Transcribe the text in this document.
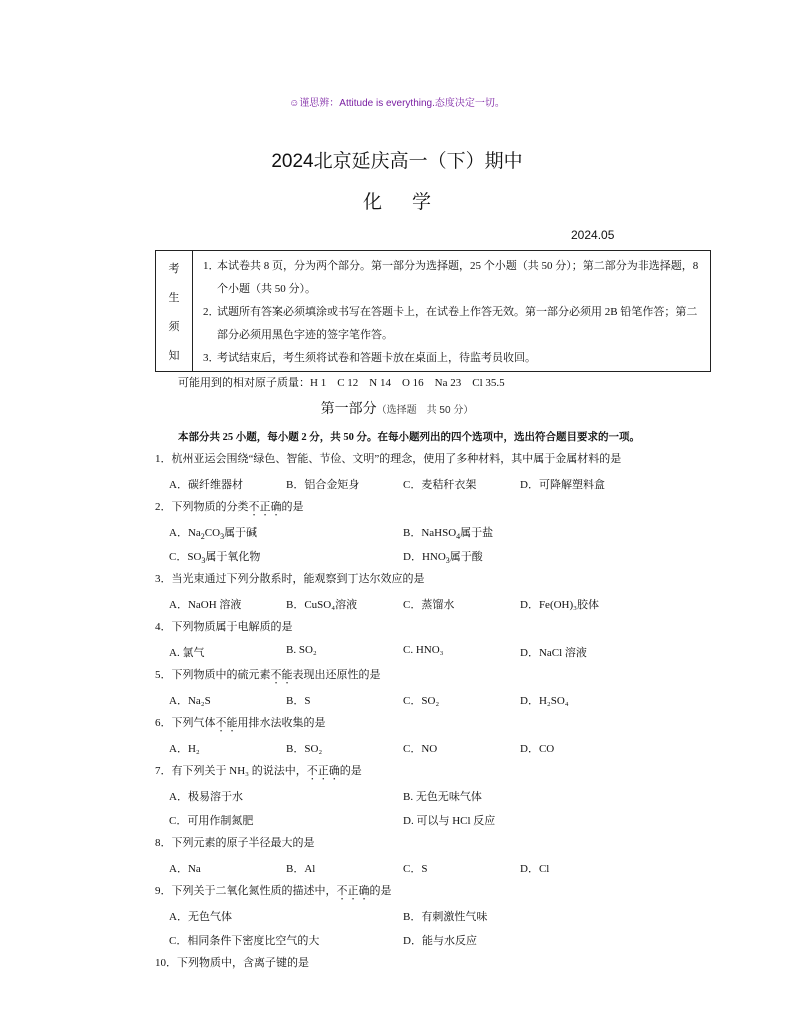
☺谨思辨：Attitude is everything.态度决定一切。
2024北京延庆高一（下）期中
化学
2024.05
考
生
须
知
1．
本试卷共 8 页，分为两个部分。第一部分为选择题，25 个小题（共 50 分）；第二部分为非选择题，8 个小题（共 50 分）。
2．
试题所有答案必须填涂或书写在答题卡上，在试卷上作答无效。第一部分必须用 2B 铅笔作答；第二部分必须用黑色字迹的签字笔作答。
3．
考试结束后，考生须将试卷和答题卡放在桌面上，待监考员收回。
可能用到的相对原子质量：H 1　C 12　N 14　O 16　Na 23　Cl 35.5
第一部分（选择题　共 50 分）
本部分共 25 小题，每小题 2 分，共 50 分。在每小题列出的四个选项中，选出符合题目要求的一项。
1．杭州亚运会围绕“绿色、智能、节俭、文明”的理念，使用了多种材料，其中属于金属材料的是
A．碳纤维器材	B．铝合金矩身	C．麦秸秆衣架	D．可降解塑料盒
2．下列物质的分类不正确的是
A．$Na_2CO_3$属于碱	B．NaHSO$_4$属于盐
C．$SO_3$属于氧化物	D．$HNO_3$属于酸
3．当光束通过下列分散系时，能观察到丁达尔效应的是
A．NaOH 溶液	B．CuSO₄溶液	C．蒸馏水	D．Fe(OH)₃胶体
4．下列物质属于电解质的是
A. 氯气	B. SO₂	C. HNO₃	D．NaCl 溶液
5．下列物质中的硫元素不能表现出还原性的是
A．Na₂S	B．S	C．SO₂	D．H₂SO₄
6．下列气体不能用排水法收集的是
A．H₂	B．SO₂	C．NO	D．CO
7．有下列关于 NH₃ 的说法中，不正确的是
A．极易溶于水	B. 无色无味气体
C．可用作制氮肥	D. 可以与 HCl 反应
8．下列元素的原子半径最大的是
A．Na	B．Al	C．S	D．Cl
9．下列关于二氧化氮性质的描述中，不正确的是
A．无色气体	B．有刺激性气味
C．相同条件下密度比空气的大	D．能与水反应
10．下列物质中，含离子键的是
